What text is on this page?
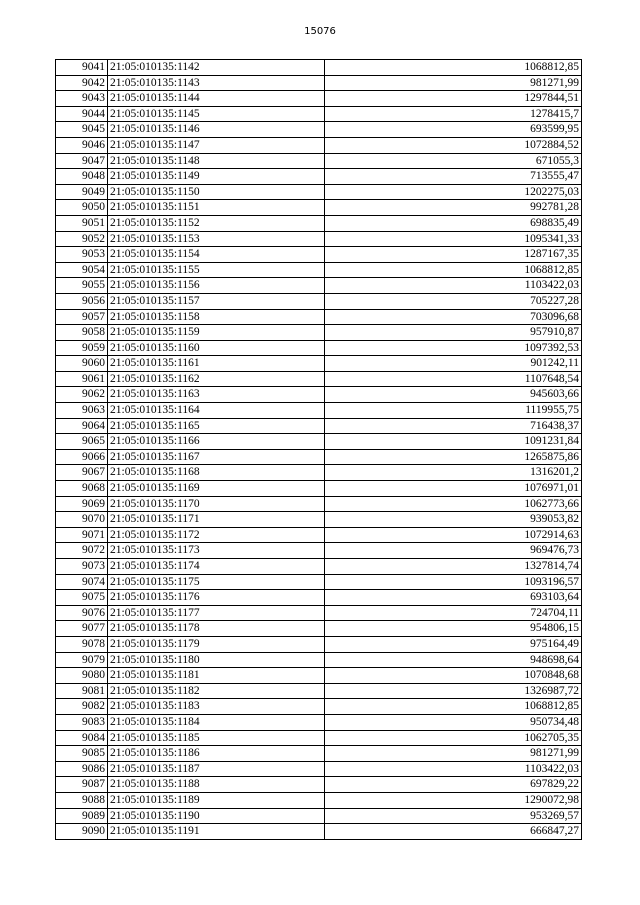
15076
9041	21:05:010135:1142	1068812,85
9042	21:05:010135:1143	981271,99
9043	21:05:010135:1144	1297844,51
9044	21:05:010135:1145	1278415,7
9045	21:05:010135:1146	693599,95
9046	21:05:010135:1147	1072884,52
9047	21:05:010135:1148	671055,3
9048	21:05:010135:1149	713555,47
9049	21:05:010135:1150	1202275,03
9050	21:05:010135:1151	992781,28
9051	21:05:010135:1152	698835,49
9052	21:05:010135:1153	1095341,33
9053	21:05:010135:1154	1287167,35
9054	21:05:010135:1155	1068812,85
9055	21:05:010135:1156	1103422,03
9056	21:05:010135:1157	705227,28
9057	21:05:010135:1158	703096,68
9058	21:05:010135:1159	957910,87
9059	21:05:010135:1160	1097392,53
9060	21:05:010135:1161	901242,11
9061	21:05:010135:1162	1107648,54
9062	21:05:010135:1163	945603,66
9063	21:05:010135:1164	1119955,75
9064	21:05:010135:1165	716438,37
9065	21:05:010135:1166	1091231,84
9066	21:05:010135:1167	1265875,86
9067	21:05:010135:1168	1316201,2
9068	21:05:010135:1169	1076971,01
9069	21:05:010135:1170	1062773,66
9070	21:05:010135:1171	939053,82
9071	21:05:010135:1172	1072914,63
9072	21:05:010135:1173	969476,73
9073	21:05:010135:1174	1327814,74
9074	21:05:010135:1175	1093196,57
9075	21:05:010135:1176	693103,64
9076	21:05:010135:1177	724704,11
9077	21:05:010135:1178	954806,15
9078	21:05:010135:1179	975164,49
9079	21:05:010135:1180	948698,64
9080	21:05:010135:1181	1070848,68
9081	21:05:010135:1182	1326987,72
9082	21:05:010135:1183	1068812,85
9083	21:05:010135:1184	950734,48
9084	21:05:010135:1185	1062705,35
9085	21:05:010135:1186	981271,99
9086	21:05:010135:1187	1103422,03
9087	21:05:010135:1188	697829,22
9088	21:05:010135:1189	1290072,98
9089	21:05:010135:1190	953269,57
9090	21:05:010135:1191	666847,27
